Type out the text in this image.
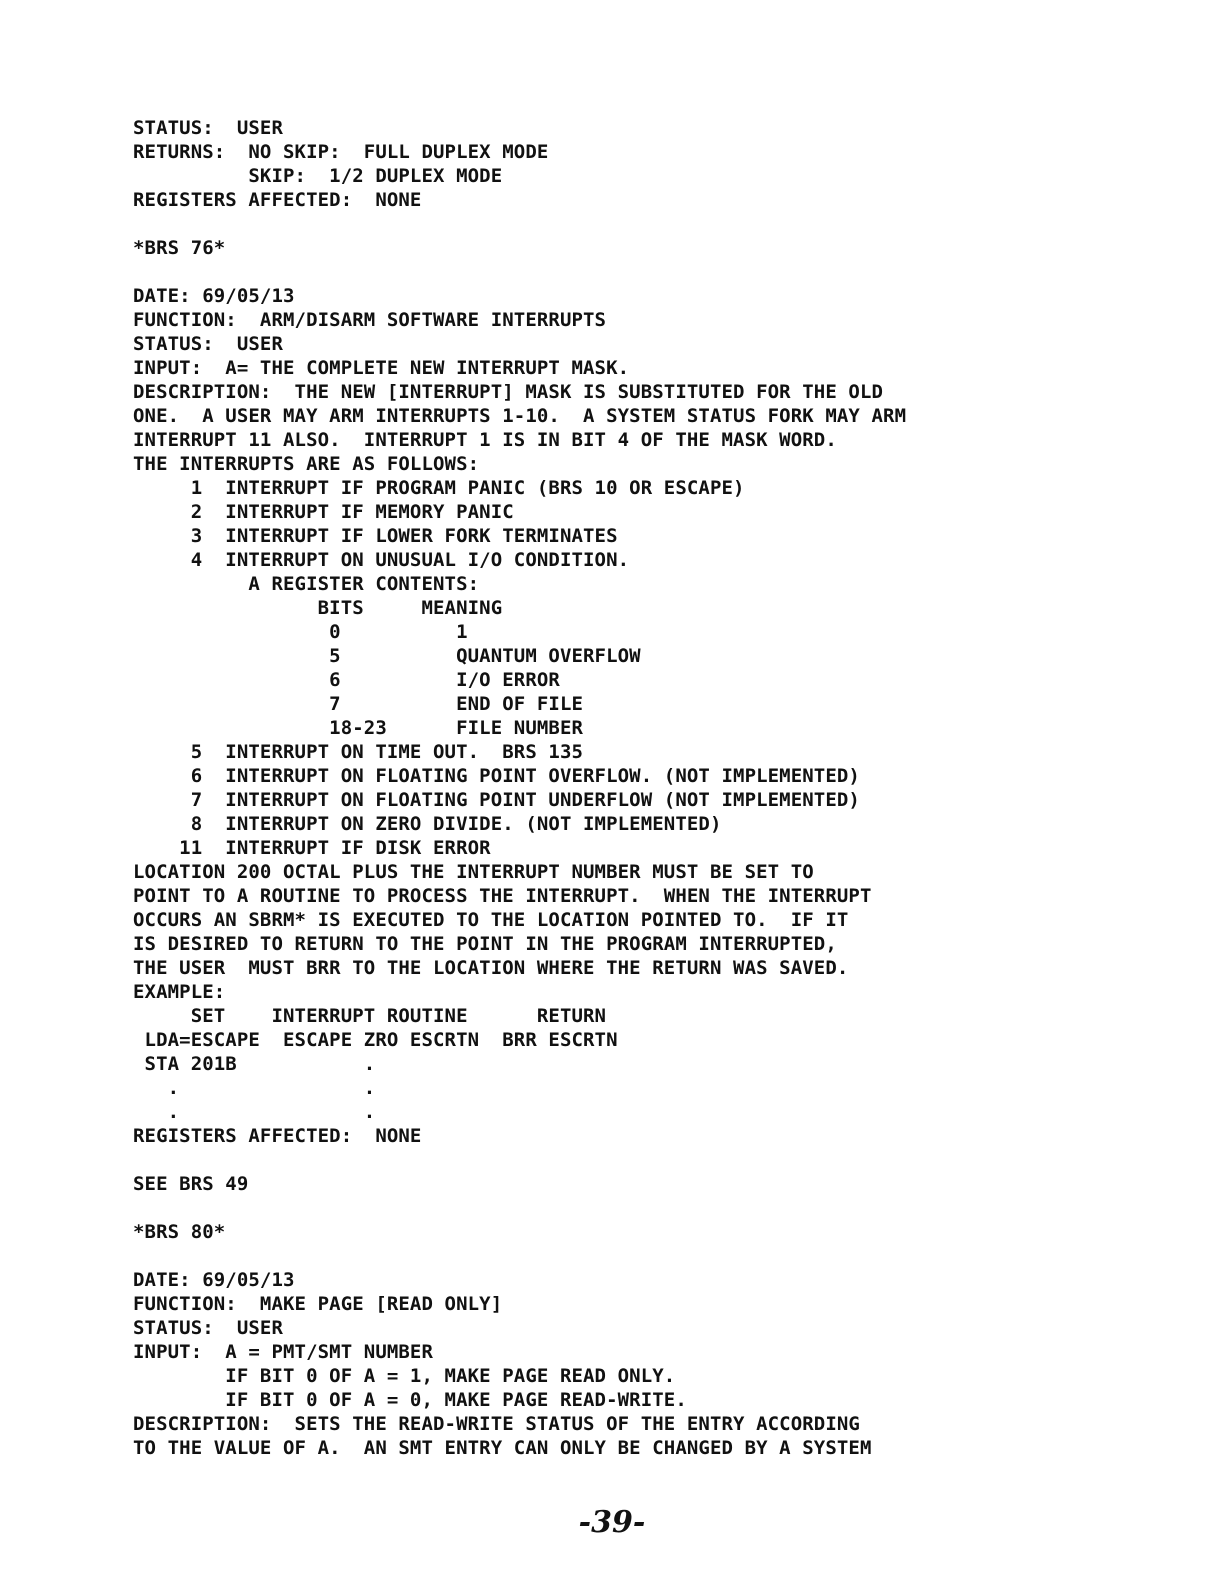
STATUS:  USER
RETURNS:  NO SKIP:  FULL DUPLEX MODE
SKIP:  1/2 DUPLEX MODE
REGISTERS AFFECTED:  NONE
*BRS 76*
DATE: 69/05/13
FUNCTION:  ARM/DISARM SOFTWARE INTERRUPTS
STATUS:  USER
INPUT:  A= THE COMPLETE NEW INTERRUPT MASK.
DESCRIPTION:  THE NEW [INTERRUPT] MASK IS SUBSTITUTED FOR THE OLD
ONE.  A USER MAY ARM INTERRUPTS 1-10.  A SYSTEM STATUS FORK MAY ARM
INTERRUPT 11 ALSO.  INTERRUPT 1 IS IN BIT 4 OF THE MASK WORD.
THE INTERRUPTS ARE AS FOLLOWS:
1  INTERRUPT IF PROGRAM PANIC (BRS 10 OR ESCAPE)
2  INTERRUPT IF MEMORY PANIC
3  INTERRUPT IF LOWER FORK TERMINATES
4  INTERRUPT ON UNUSUAL I/O CONDITION.
A REGISTER CONTENTS:
BITS     MEANING
0          1
5          QUANTUM OVERFLOW
6          I/O ERROR
7          END OF FILE
18-23      FILE NUMBER
5  INTERRUPT ON TIME OUT.  BRS 135
6  INTERRUPT ON FLOATING POINT OVERFLOW. (NOT IMPLEMENTED)
7  INTERRUPT ON FLOATING POINT UNDERFLOW (NOT IMPLEMENTED)
8  INTERRUPT ON ZERO DIVIDE. (NOT IMPLEMENTED)
11  INTERRUPT IF DISK ERROR
LOCATION 200 OCTAL PLUS THE INTERRUPT NUMBER MUST BE SET TO
POINT TO A ROUTINE TO PROCESS THE INTERRUPT.  WHEN THE INTERRUPT
OCCURS AN SBRM* IS EXECUTED TO THE LOCATION POINTED TO.  IF IT
IS DESIRED TO RETURN TO THE POINT IN THE PROGRAM INTERRUPTED,
THE USER  MUST BRR TO THE LOCATION WHERE THE RETURN WAS SAVED.
EXAMPLE:
SET    INTERRUPT ROUTINE      RETURN
LDA=ESCAPE  ESCAPE ZRO ESCRTN  BRR ESCRTN
STA 201B           .
.                .
.                .
REGISTERS AFFECTED:  NONE
SEE BRS 49
*BRS 80*
DATE: 69/05/13
FUNCTION:  MAKE PAGE [READ ONLY]
STATUS:  USER
INPUT:  A = PMT/SMT NUMBER
IF BIT 0 OF A = 1, MAKE PAGE READ ONLY.
IF BIT 0 OF A = 0, MAKE PAGE READ-WRITE.
DESCRIPTION:  SETS THE READ-WRITE STATUS OF THE ENTRY ACCORDING
TO THE VALUE OF A.  AN SMT ENTRY CAN ONLY BE CHANGED BY A SYSTEM
-39-
